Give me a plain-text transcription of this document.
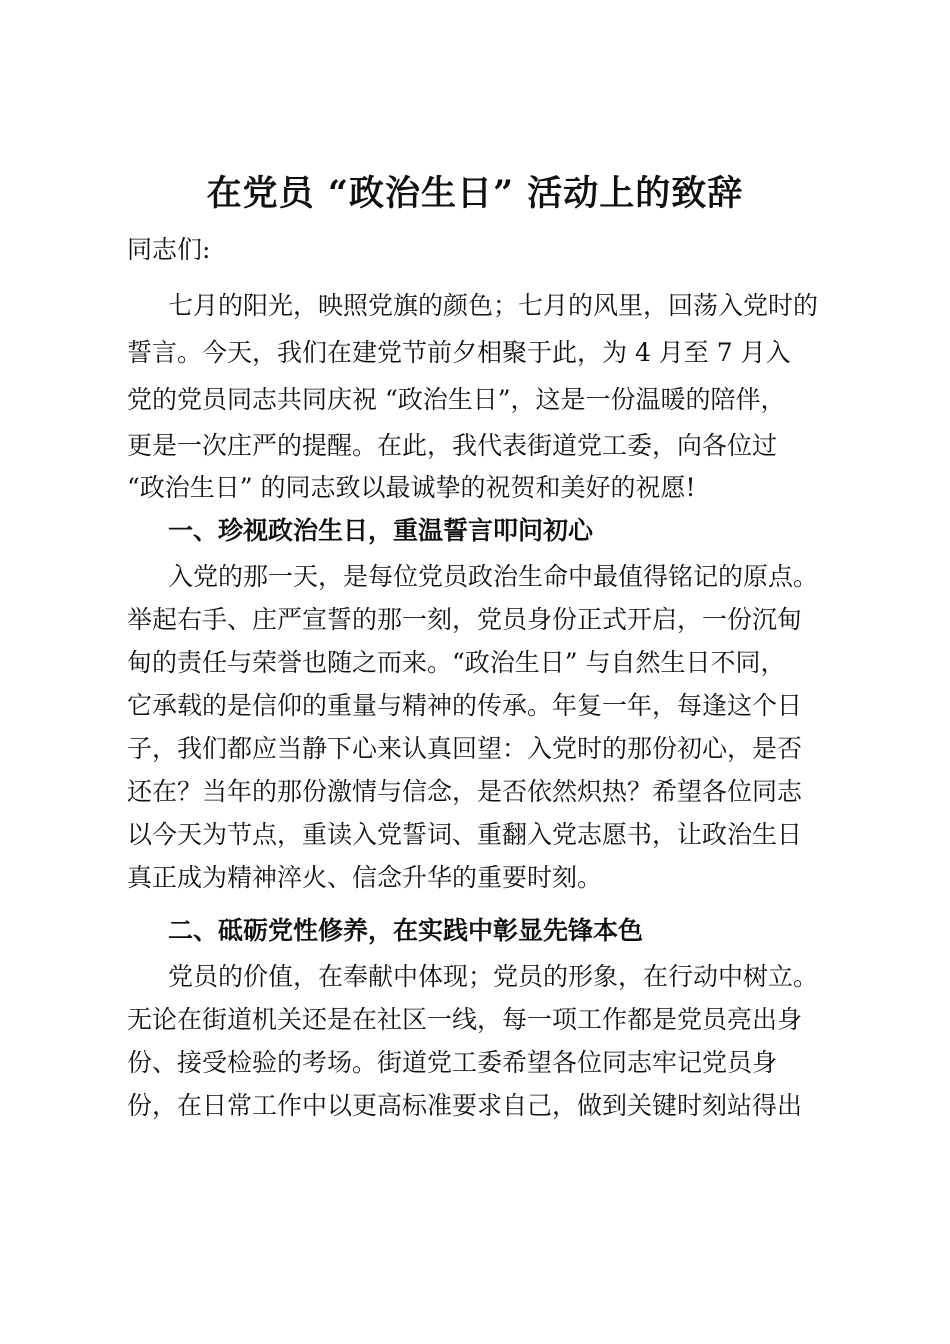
在党员 “政治生日” 活动上的致辞
同志们:
七月的阳光，映照党旗的颜色；七月的风里，回荡入党时的
誓言。今天，我们在建党节前夕相聚于此，为 4 月至 7 月入
党的党员同志共同庆祝 “政治生日”，这是一份温暖的陪伴，
更是一次庄严的提醒。在此，我代表街道党工委，向各位过
“政治生日” 的同志致以最诚挚的祝贺和美好的祝愿!
一、珍视政治生日，重温誓言叩问初心
入党的那一天，是每位党员政治生命中最值得铭记的原点。
举起右手、庄严宣誓的那一刻，党员身份正式开启，一份沉甸
甸的责任与荣誉也随之而来。“政治生日” 与自然生日不同，
它承载的是信仰的重量与精神的传承。年复一年，每逢这个日
子，我们都应当静下心来认真回望：入党时的那份初心，是否
还在？当年的那份激情与信念，是否依然炽热？希望各位同志
以今天为节点，重读入党誓词、重翻入党志愿书，让政治生日
真正成为精神淬火、信念升华的重要时刻。
二、砥砺党性修养，在实践中彰显先锋本色
党员的价值，在奉献中体现；党员的形象，在行动中树立。
无论在街道机关还是在社区一线，每一项工作都是党员亮出身
份、接受检验的考场。街道党工委希望各位同志牢记党员身
份，在日常工作中以更高标准要求自己，做到关键时刻站得出
